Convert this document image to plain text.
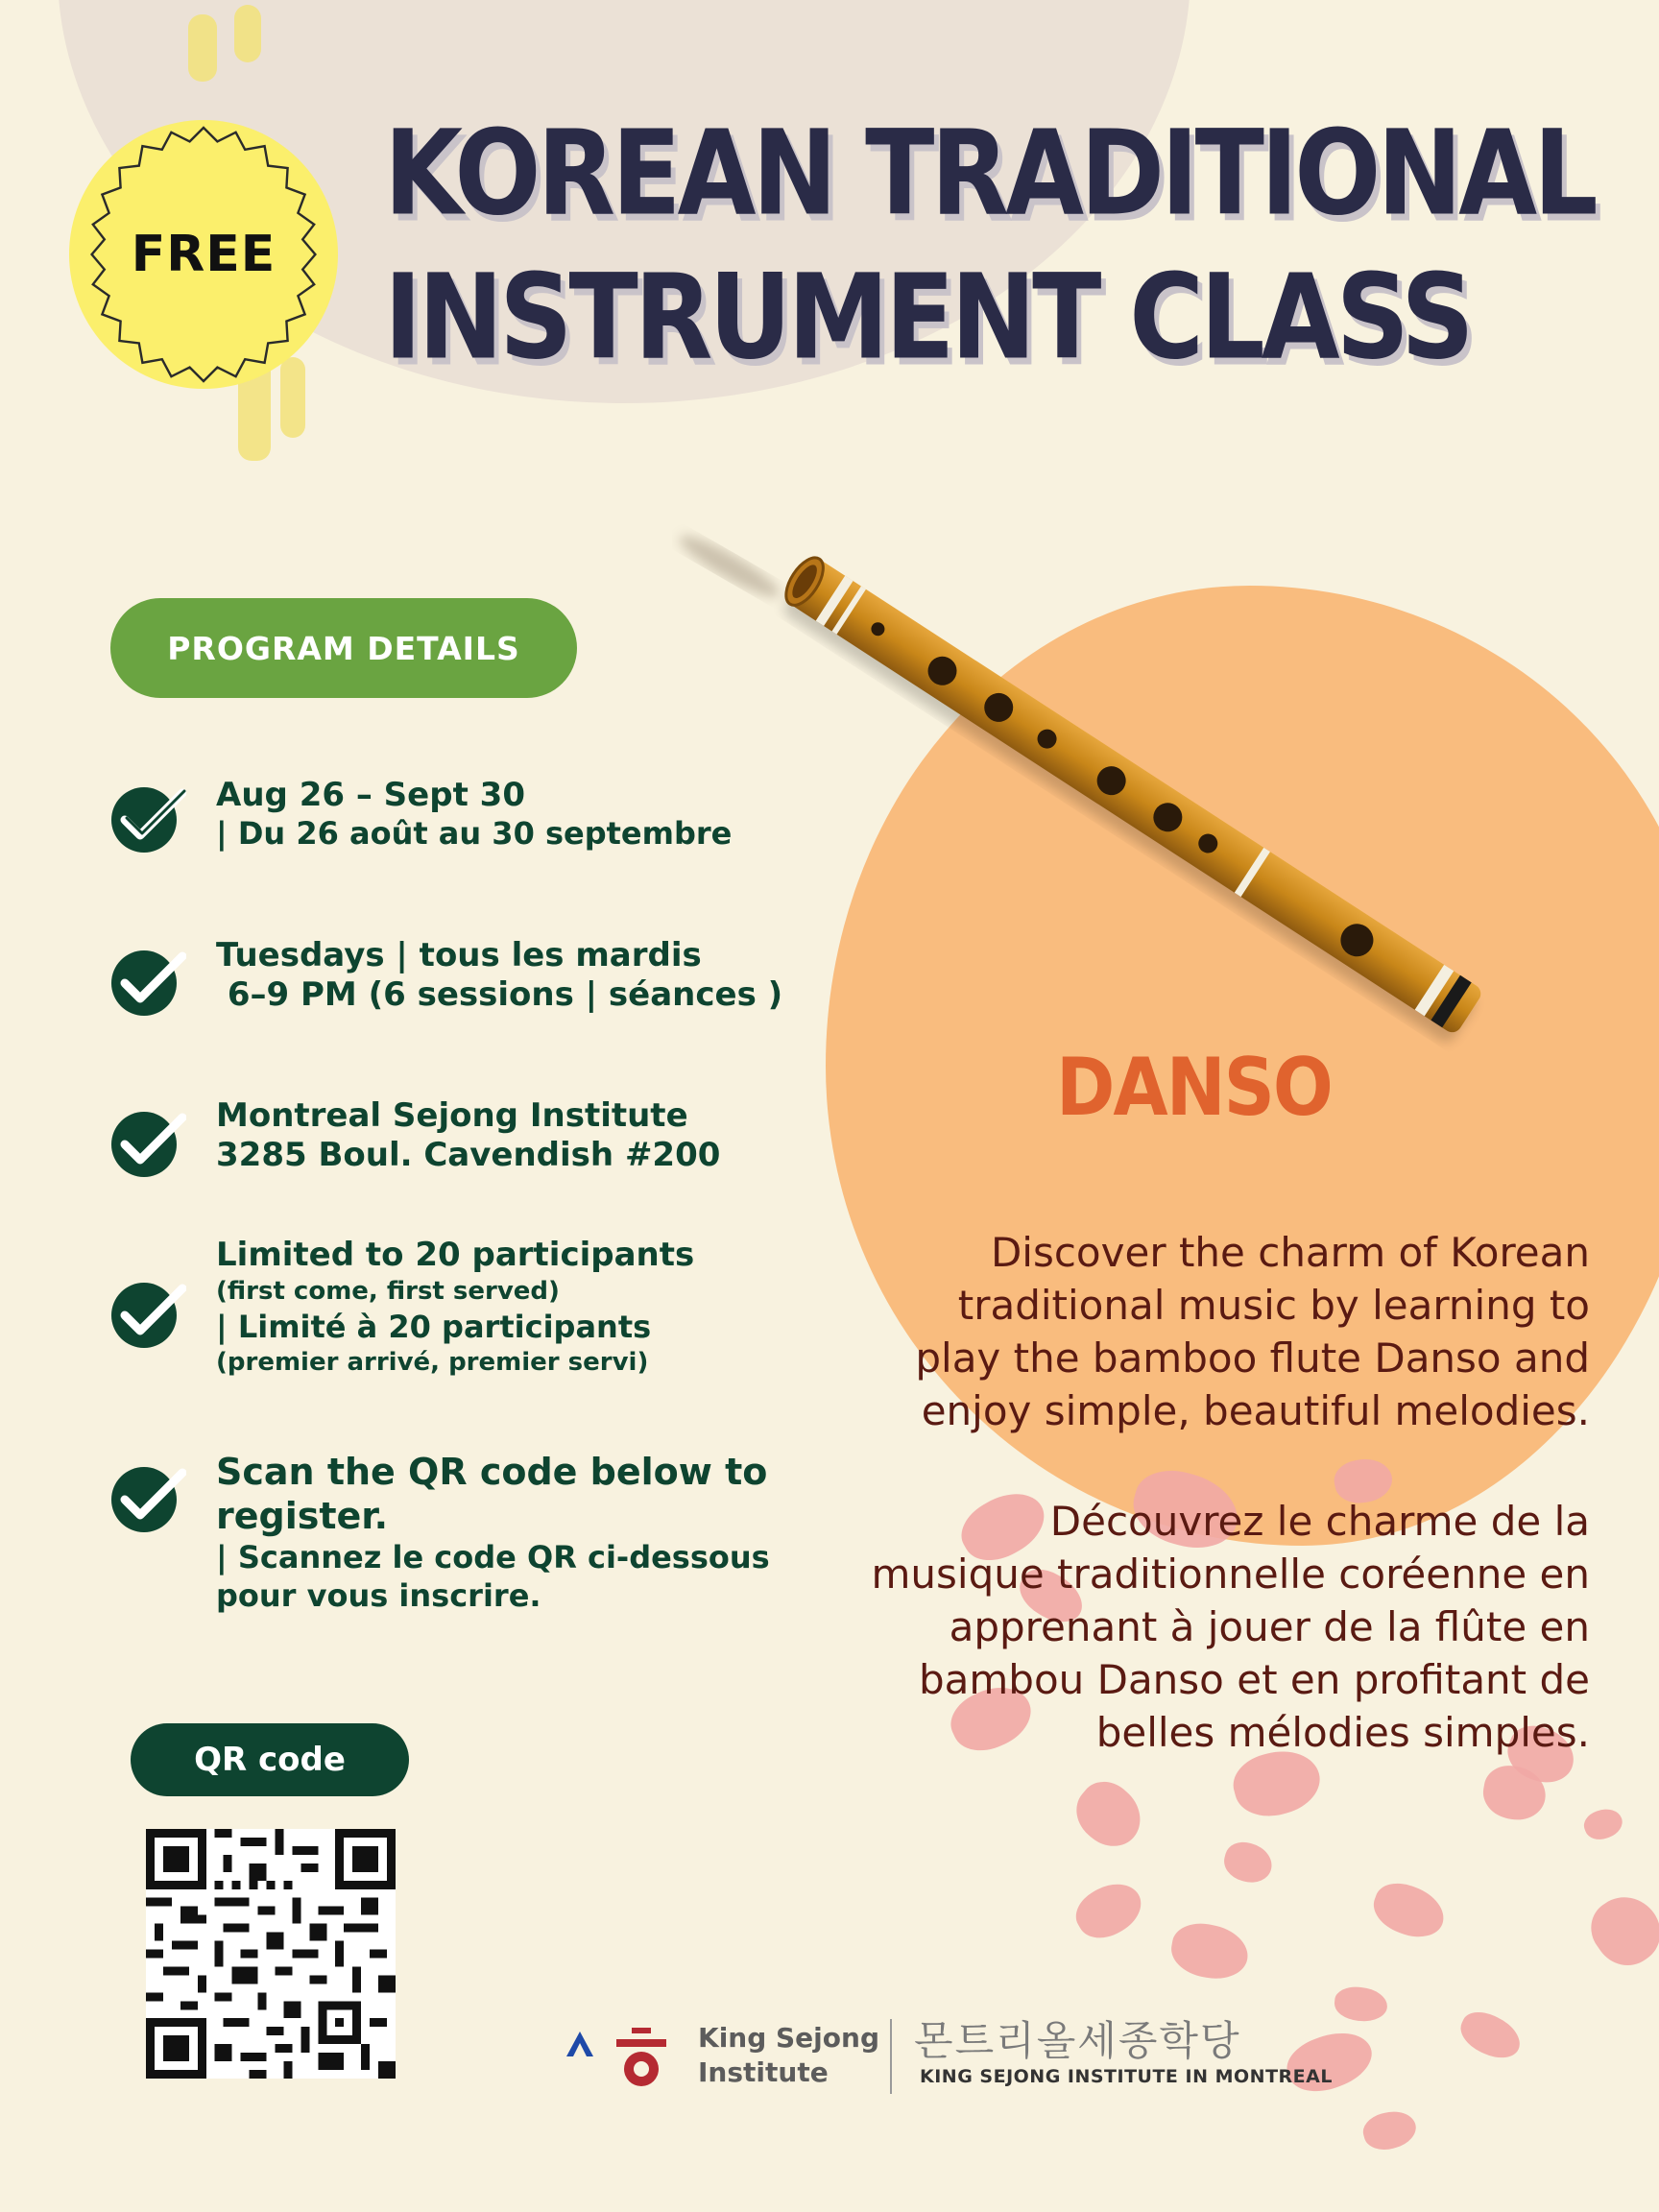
FREE
KOREAN TRADITIONAL
INSTRUMENT CLASS
PROGRAM DETAILS
Aug 26 – Sept 30
| Du 26 août au 30 septembre
Tuesdays | tous les mardis
6–9 PM (6 sessions | séances )
Montreal Sejong Institute
3285 Boul. Cavendish #200
Limited to 20 participants
(first come, first served)
| Limité à 20 participants
(premier arrivé, premier servi)
Scan the QR code below to
register.
| Scannez le code QR ci-dessous
pour vous inscrire.
QR code
DANSO
Discover the charm of Korean
traditional music by learning to
play the bamboo flute Danso and
enjoy simple, beautiful melodies.
Découvrez le charme de la
musique traditionnelle coréenne en
apprenant à jouer de la flûte en
bambou Danso et en profitant de
belles mélodies simples.
King Sejong
Institute
몬트리올세종학당
KING SEJONG INSTITUTE IN MONTREAL
